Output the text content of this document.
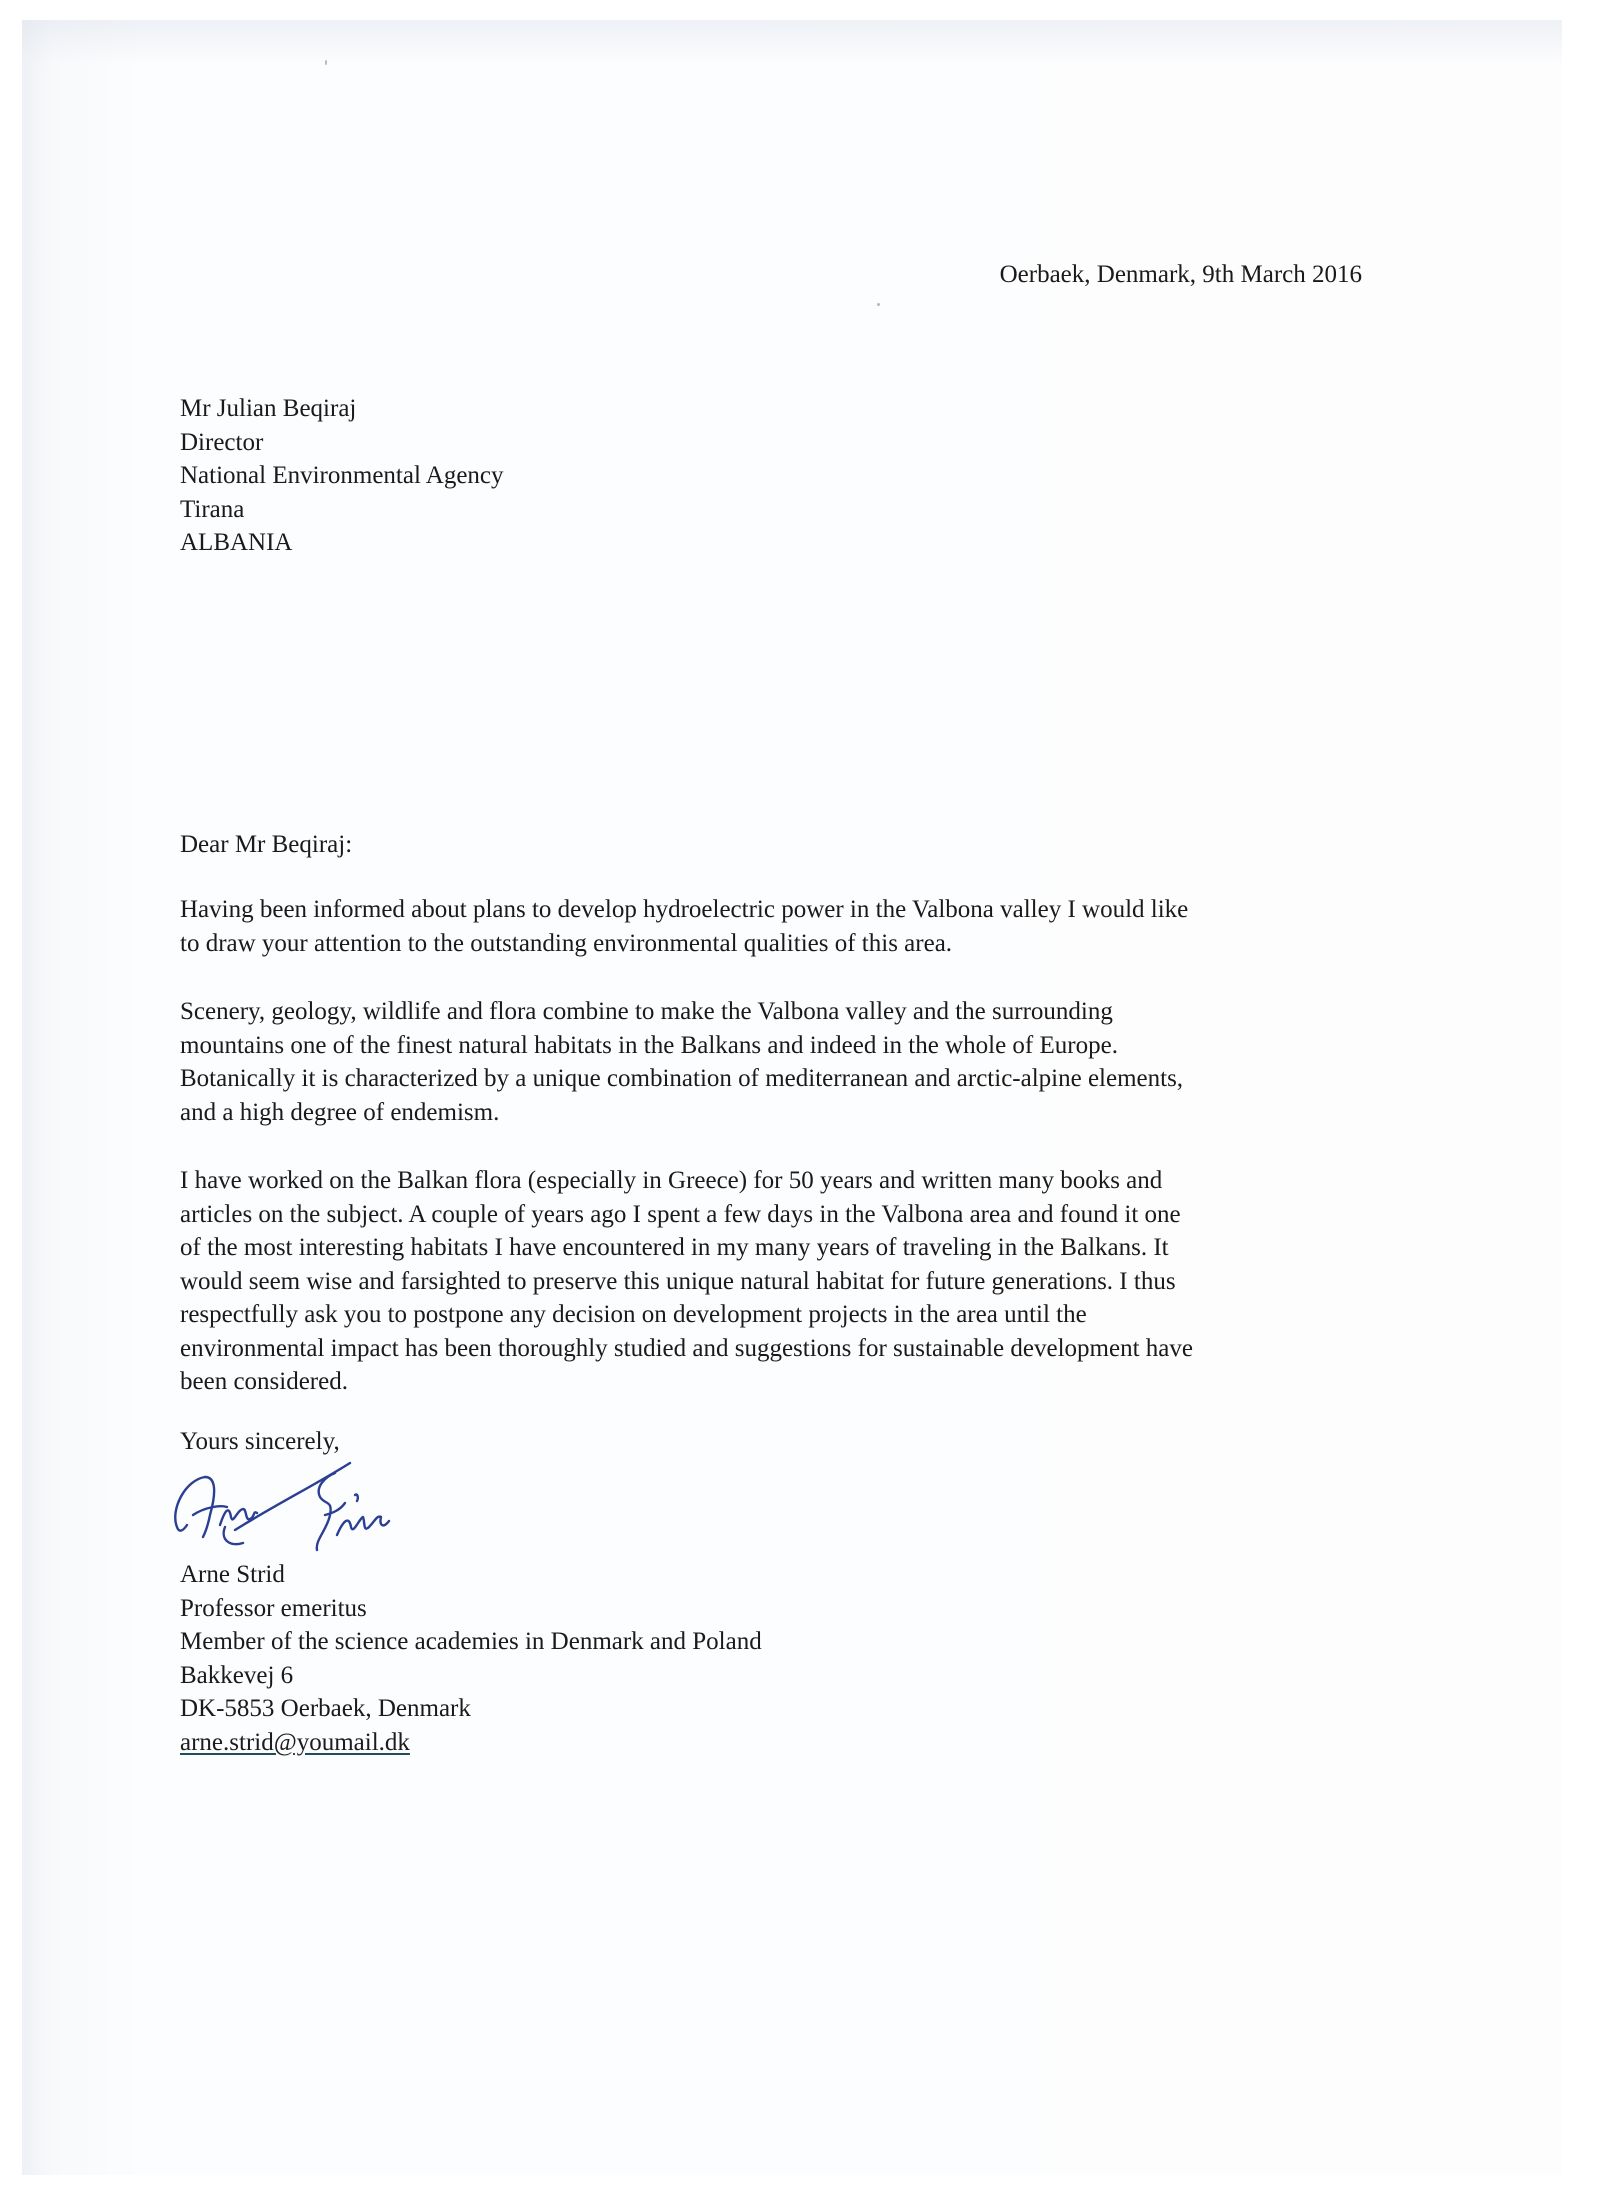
Oerbaek, Denmark, 9th March 2016
Mr Julian Beqiraj
Director
National Environmental Agency
Tirana
ALBANIA
Dear Mr Beqiraj:
Having been informed about plans to develop hydroelectric power in the Valbona valley I would like
to draw your attention to the outstanding environmental qualities of this area.
Scenery, geology, wildlife and flora combine to make the Valbona valley and the surrounding
mountains one of the finest natural habitats in the Balkans and indeed in the whole of Europe.
Botanically it is characterized by a unique combination of mediterranean and arctic-alpine elements,
and a high degree of endemism.
I have worked on the Balkan flora (especially in Greece) for 50 years and written many books and
articles on the subject. A couple of years ago I spent a few days in the Valbona area and found it one
of the most interesting habitats I have encountered in my many years of traveling in the Balkans. It
would seem wise and farsighted to preserve this unique natural habitat for future generations. I thus
respectfully ask you to postpone any decision on development projects in the area until the
environmental impact has been thoroughly studied and suggestions for sustainable development have
been considered.
Yours sincerely,
Arne Strid
Professor emeritus
Member of the science academies in Denmark and Poland
Bakkevej 6
DK-5853 Oerbaek, Denmark
arne.strid@youmail.dk
